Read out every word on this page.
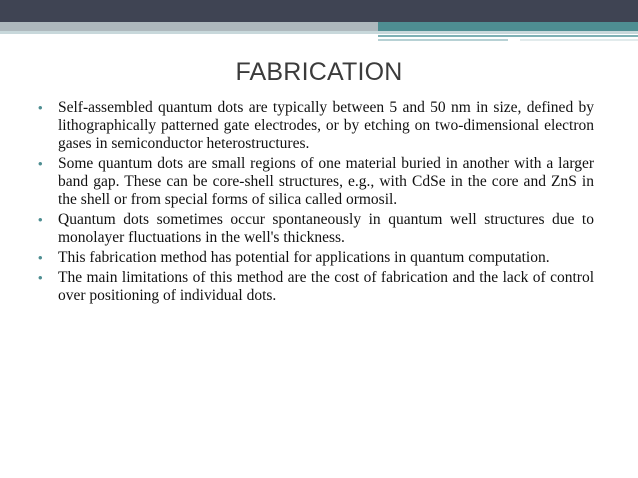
FABRICATION
• Self-assembled quantum dots are typically between 5 and 50 nm in size, defined by lithographically patterned gate electrodes, or by etching on two-dimensional electron gases in semiconductor heterostructures.
• Some quantum dots are small regions of one material buried in another with a larger band gap. These can be core-shell structures, e.g., with CdSe in the core and ZnS in the shell or from special forms of silica called ormosil.
• Quantum dots sometimes occur spontaneously in quantum well structures due to monolayer fluctuations in the well's thickness.
• This fabrication method has potential for applications in quantum computation.
• The main limitations of this method are the cost of fabrication and the lack of control over positioning of individual dots.
